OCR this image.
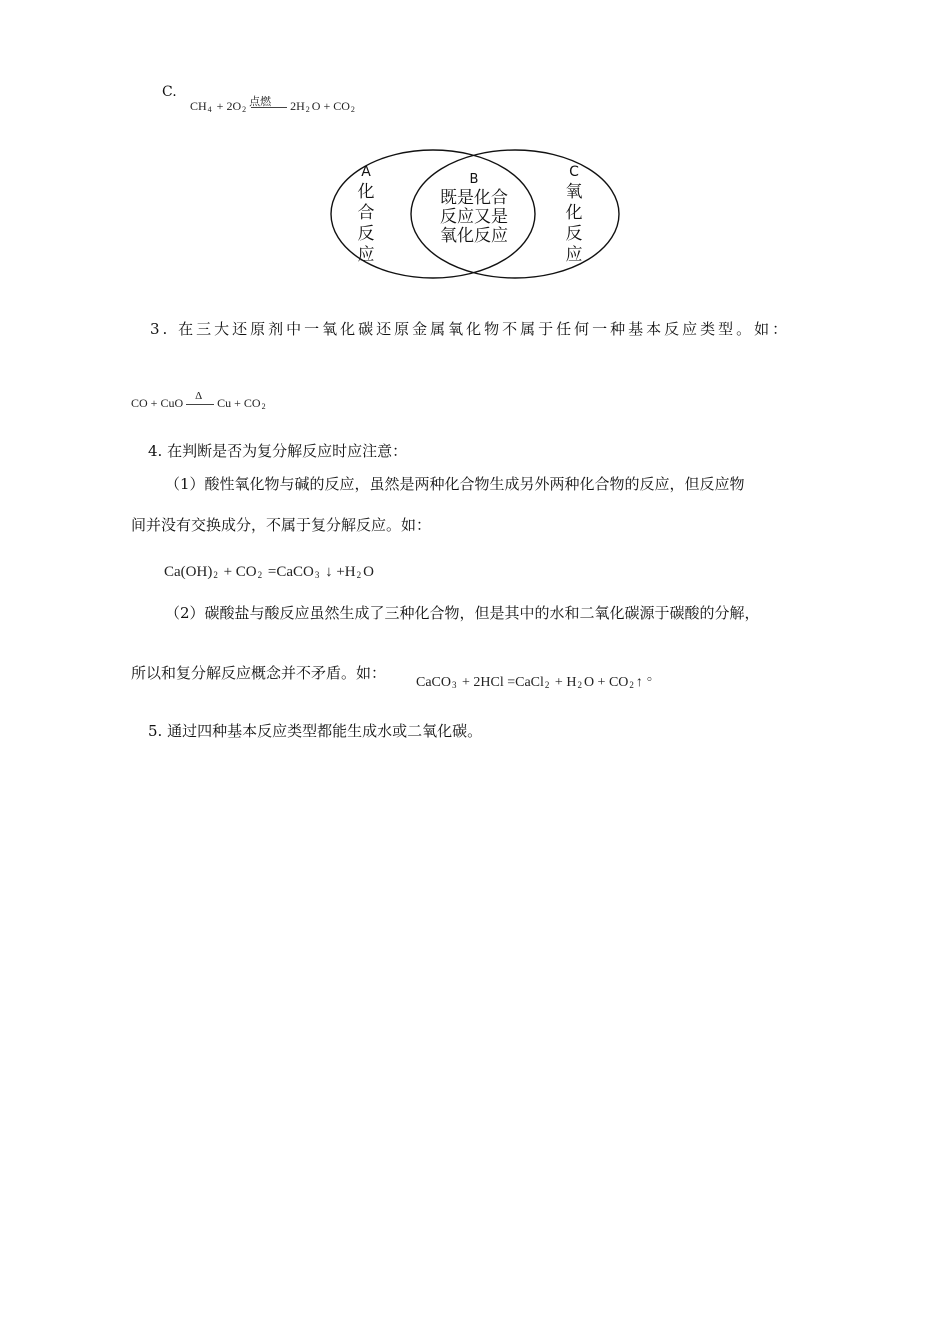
C.
$CH_4 + 2O_2$
点燃 $2H_2$ $O + CO_2$
A
化
合
反
应
B
既是化合
反应又是
氧化反应
C
氧
化
反
应
3. 在三大还原剂中一氧化碳还原金属氧化物不属于任何一种基本反应类型。如：
CO + CuO
Δ
$Cu + CO_2$
4. 在判断是否为复分解反应时应注意：
（1）酸性氧化物与碱的反应，虽然是两种化合物生成另外两种化合物的反应，但反应物
间并没有交换成分，不属于复分解反应。如：
$Ca(OH)_2 + CO_2$ =CaCO$_3$ ↓ $+H_2$ O
（2）碳酸盐与酸反应虽然生成了三种化合物，但是其中的水和二氧化碳源于碳酸的分解，
所以和复分解反应概念并不矛盾。如：
CaCO$_3$ + 2HCl =CaCl$_2$ + $H_2$ $O + CO_2$ ↑ 。
5. 通过四种基本反应类型都能生成水或二氧化碳。
